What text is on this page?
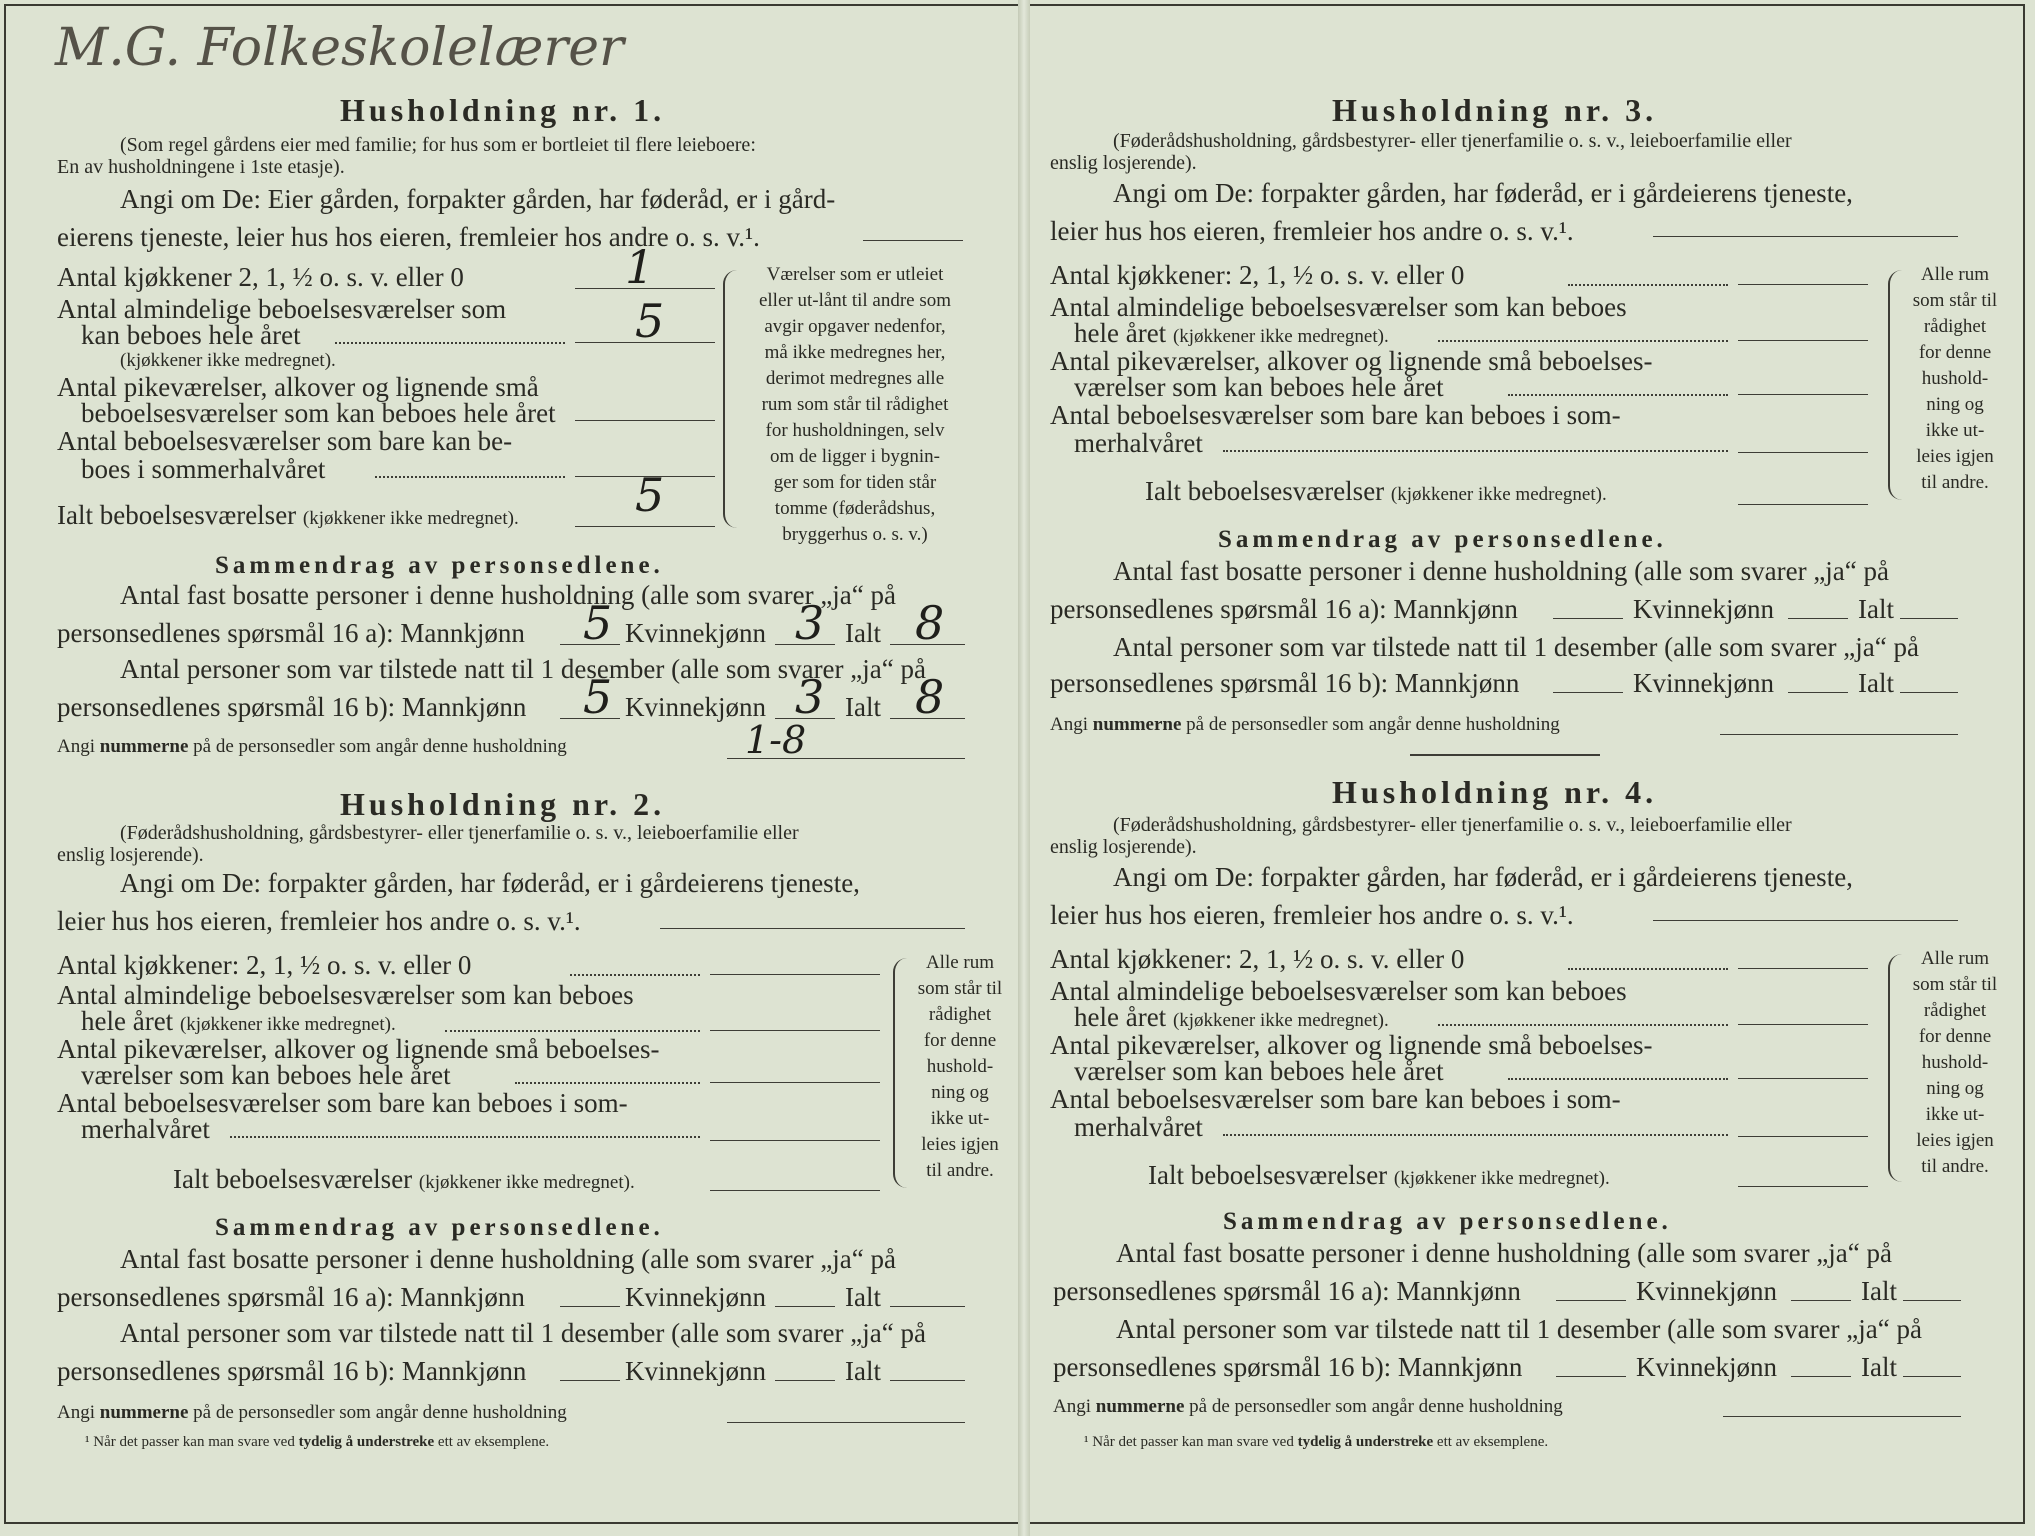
M.G. Folkeskolelærer
Husholdning nr. 1.
(Som regel gårdens eier med familie; for hus som er bortleiet til flere leieboere:
En av husholdningene i 1ste etasje).
Angi om De: Eier gården, forpakter gården, har føderåd, er i gård-
eierens tjeneste, leier hus hos eieren, fremleier hos andre o. s. v.¹.
Antal kjøkkener 2, 1, ½ o. s. v. eller 0	1
Antal almindelige beboelsesværelser som
kan beboes hele året	5
(kjøkkener ikke medregnet).
Antal pikeværelser, alkover og lignende små
beboelsesværelser som kan beboes hele året
Antal beboelsesværelser som bare kan be-
boes i sommerhalvåret
Ialt beboelsesværelser (kjøkkener ikke medregnet).	5
Værelser som er utleiet
eller ut-lånt til andre som
avgir opgaver nedenfor,
må ikke medregnes her,
derimot medregnes alle
rum som står til rådighet
for husholdningen, selv
om de ligger i bygnin-
ger som for tiden står
tomme (føderådshus,
bryggerhus o. s. v.)
Sammendrag av personsedlene.
Antal fast bosatte personer i denne husholdning (alle som svarer „ja“ på
personsedlenes spørsmål 16 a): Mannkjønn 5 Kvinnekjønn 3 Ialt 8
Antal personer som var tilstede natt til 1 desember (alle som svarer „ja“ på
personsedlenes spørsmål 16 b): Mannkjønn 5 Kvinnekjønn 3 Ialt 8
Angi nummerne på de personsedler som angår denne husholdning	1-8
Husholdning nr. 2.
(Føderådshusholdning, gårdsbestyrer- eller tjenerfamilie o. s. v., leieboerfamilie eller
enslig losjerende).
Angi om De: forpakter gården, har føderåd, er i gårdeierens tjeneste,
leier hus hos eieren, fremleier hos andre o. s. v.¹.
Antal kjøkkener: 2, 1, ½ o. s. v. eller 0
Antal almindelige beboelsesværelser som kan beboes
hele året (kjøkkener ikke medregnet).
Antal pikeværelser, alkover og lignende små beboelses-
værelser som kan beboes hele året
Antal beboelsesværelser som bare kan beboes i som-
merhalvåret
Ialt beboelsesværelser (kjøkkener ikke medregnet).
Alle rum
som står til
rådighet
for denne
hushold-
ning og
ikke ut-
leies igjen
til andre.
Sammendrag av personsedlene.
Antal fast bosatte personer i denne husholdning (alle som svarer „ja“ på
personsedlenes spørsmål 16 a): Mannkjønn	Kvinnekjønn	Ialt
Antal personer som var tilstede natt til 1 desember (alle som svarer „ja“ på
personsedlenes spørsmål 16 b): Mannkjønn	Kvinnekjønn	Ialt
Angi nummerne på de personsedler som angår denne husholdning
¹ Når det passer kan man svare ved tydelig å understreke ett av eksemplene.
Husholdning nr. 3.
(Føderådshusholdning, gårdsbestyrer- eller tjenerfamilie o. s. v., leieboerfamilie eller
enslig losjerende).
Angi om De: forpakter gården, har føderåd, er i gårdeierens tjeneste,
leier hus hos eieren, fremleier hos andre o. s. v.¹.
Antal kjøkkener: 2, 1, ½ o. s. v. eller 0
Antal almindelige beboelsesværelser som kan beboes
hele året (kjøkkener ikke medregnet).
Antal pikeværelser, alkover og lignende små beboelses-
værelser som kan beboes hele året
Antal beboelsesværelser som bare kan beboes i som-
merhalvåret
Ialt beboelsesværelser (kjøkkener ikke medregnet).
Alle rum
som står til
rådighet
for denne
hushold-
ning og
ikke ut-
leies igjen
til andre.
Sammendrag av personsedlene.
Antal fast bosatte personer i denne husholdning (alle som svarer „ja“ på
personsedlenes spørsmål 16 a): Mannkjønn	Kvinnekjønn	Ialt
Antal personer som var tilstede natt til 1 desember (alle som svarer „ja“ på
personsedlenes spørsmål 16 b): Mannkjønn	Kvinnekjønn	Ialt
Angi nummerne på de personsedler som angår denne husholdning
Husholdning nr. 4.
(Føderådshusholdning, gårdsbestyrer- eller tjenerfamilie o. s. v., leieboerfamilie eller
enslig losjerende).
Angi om De: forpakter gården, har føderåd, er i gårdeierens tjeneste,
leier hus hos eieren, fremleier hos andre o. s. v.¹.
Antal kjøkkener: 2, 1, ½ o. s. v. eller 0
Antal almindelige beboelsesværelser som kan beboes
hele året (kjøkkener ikke medregnet).
Antal pikeværelser, alkover og lignende små beboelses-
værelser som kan beboes hele året
Antal beboelsesværelser som bare kan beboes i som-
merhalvåret
Ialt beboelsesværelser (kjøkkener ikke medregnet).
Alle rum
som står til
rådighet
for denne
hushold-
ning og
ikke ut-
leies igjen
til andre.
Sammendrag av personsedlene.
Antal fast bosatte personer i denne husholdning (alle som svarer „ja“ på
personsedlenes spørsmål 16 a): Mannkjønn	Kvinnekjønn	Ialt
Antal personer som var tilstede natt til 1 desember (alle som svarer „ja“ på
personsedlenes spørsmål 16 b): Mannkjønn	Kvinnekjønn	Ialt
Angi nummerne på de personsedler som angår denne husholdning
¹ Når det passer kan man svare ved tydelig å understreke ett av eksemplene.
